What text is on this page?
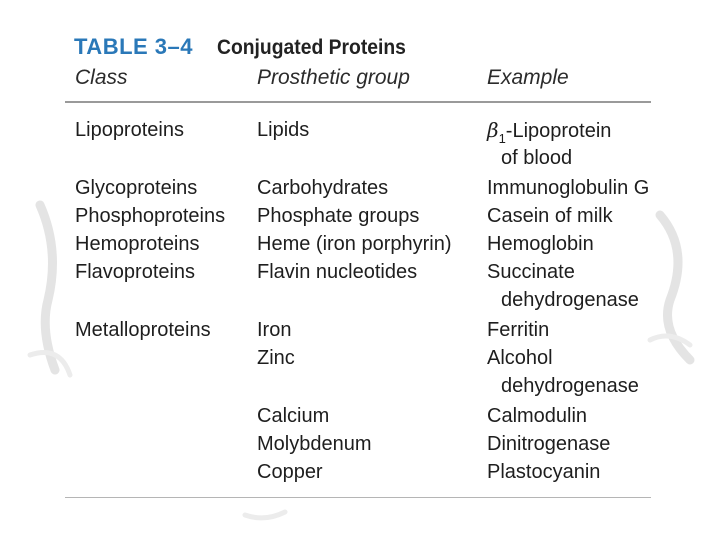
TABLE 3–4 Conjugated Proteins
Class	Prosthetic group	Example
Lipoproteins
Glycoproteins
Phosphoproteins
Hemoproteins
Flavoproteins
Metalloproteins
Lipids
Carbohydrates
Phosphate groups
Heme (iron porphyrin)
Flavin nucleotides
Iron
Zinc
Calcium
Molybdenum
Copper
$\beta_1$-Lipoprotein
of blood
Immunoglobulin G
Casein of milk
Hemoglobin
Succinate
dehydrogenase
Ferritin
Alcohol
dehydrogenase
Calmodulin
Dinitrogenase
Plastocyanin
